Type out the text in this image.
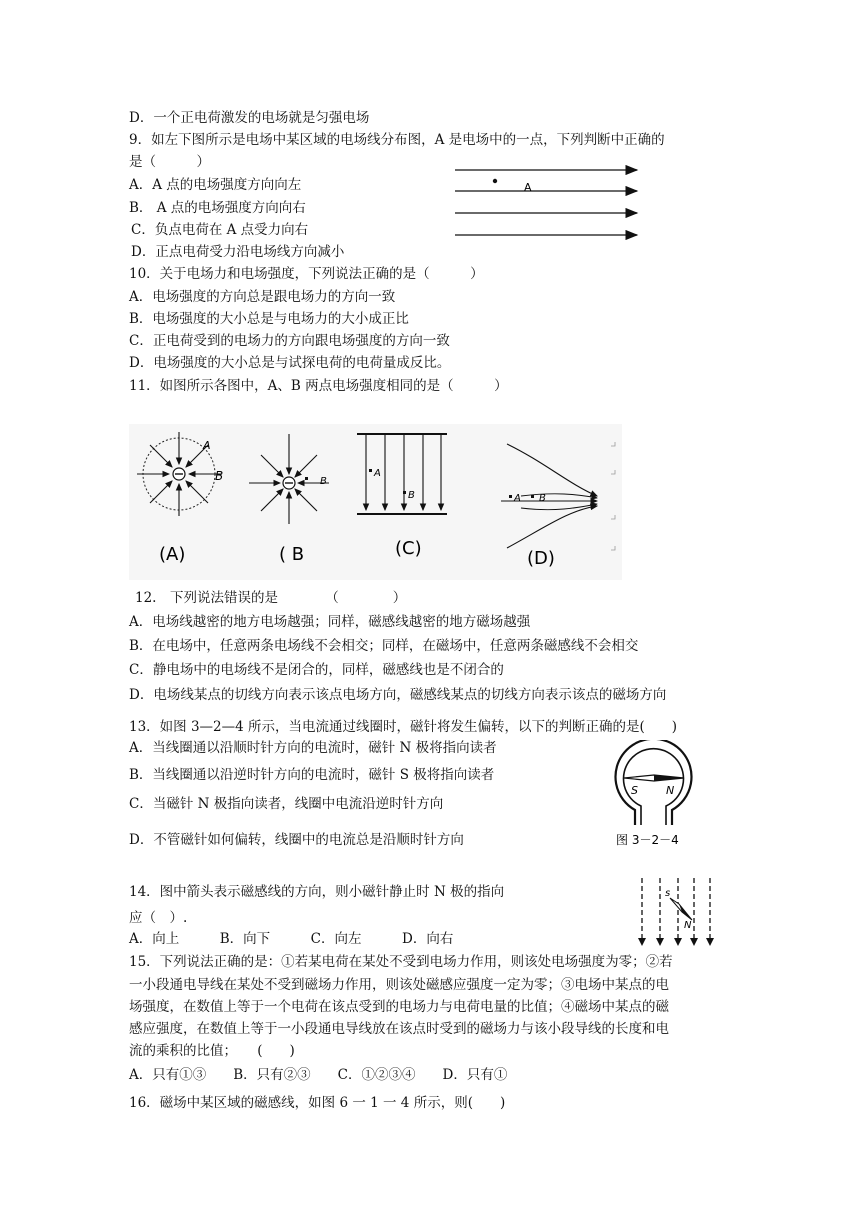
D．一个正电荷激发的电场就是匀强电场
9．如左下图所示是电场中某区域的电场线分布图，A 是电场中的一点，下列判断中正确的
是（　　　）
A．A 点的电场强度方向向左
B． A 点的电场强度方向向右
C．负点电荷在 A 点受力向右
D．正点电荷受力沿电场线方向减小
10．关于电场力和电场强度，下列说法正确的是（　　　）
A．电场强度的方向总是跟电场力的方向一致
B．电场强度的大小总是与电场力的大小成正比
C．正电荷受到的电场力的方向跟电场强度的方向一致
D．电场强度的大小总是与试探电荷的电荷量成反比。
11．如图所示各图中，A、B 两点电场强度相同的是（　　　）
12.　下列说法错误的是　　　　（　　　　）
A．电场线越密的地方电场越强；同样，磁感线越密的地方磁场越强
B．在电场中，任意两条电场线不会相交；同样，在磁场中，任意两条磁感线不会相交
C．静电场中的电场线不是闭合的，同样，磁感线也是不闭合的
D．电场线某点的切线方向表示该点电场方向，磁感线某点的切线方向表示该点的磁场方向
13．如图 3—2—4 所示，当电流通过线圈时，磁针将发生偏转，以下的判断正确的是(　　)
A．当线圈通以沿顺时针方向的电流时，磁针 N 极将指向读者
B．当线圈通以沿逆时针方向的电流时，磁针 S 极将指向读者
C．当磁针 N 极指向读者，线圈中电流沿逆时针方向
D．不管磁针如何偏转，线圈中的电流总是沿顺时针方向
14．图中箭头表示磁感线的方向，则小磁针静止时 N 极的指向
应（　）.
A．向上　　　B．向下　　　C．向左　　　D．向右
15．下列说法正确的是：①若某电荷在某处不受到电场力作用，则该处电场强度为零；②若
一小段通电导线在某处不受到磁场力作用，则该处磁感应强度一定为零；③电场中某点的电
场强度，在数值上等于一个电荷在该点受到的电场力与电荷电量的比值；④磁场中某点的磁
感应强度，在数值上等于一小段通电导线放在该点时受到的磁场力与该小段导线的长度和电
流的乘积的比值；　　(　　)
A．只有①③　　B．只有②③　　C．①②③④　　D．只有①
16．磁场中某区域的磁感线，如图 6 一 1 一 4 所示，则(　　)
A
A
B
(A)
B
( B
A
B
(C)
A B
(D)
S	N
图 3－2－4
s
N
